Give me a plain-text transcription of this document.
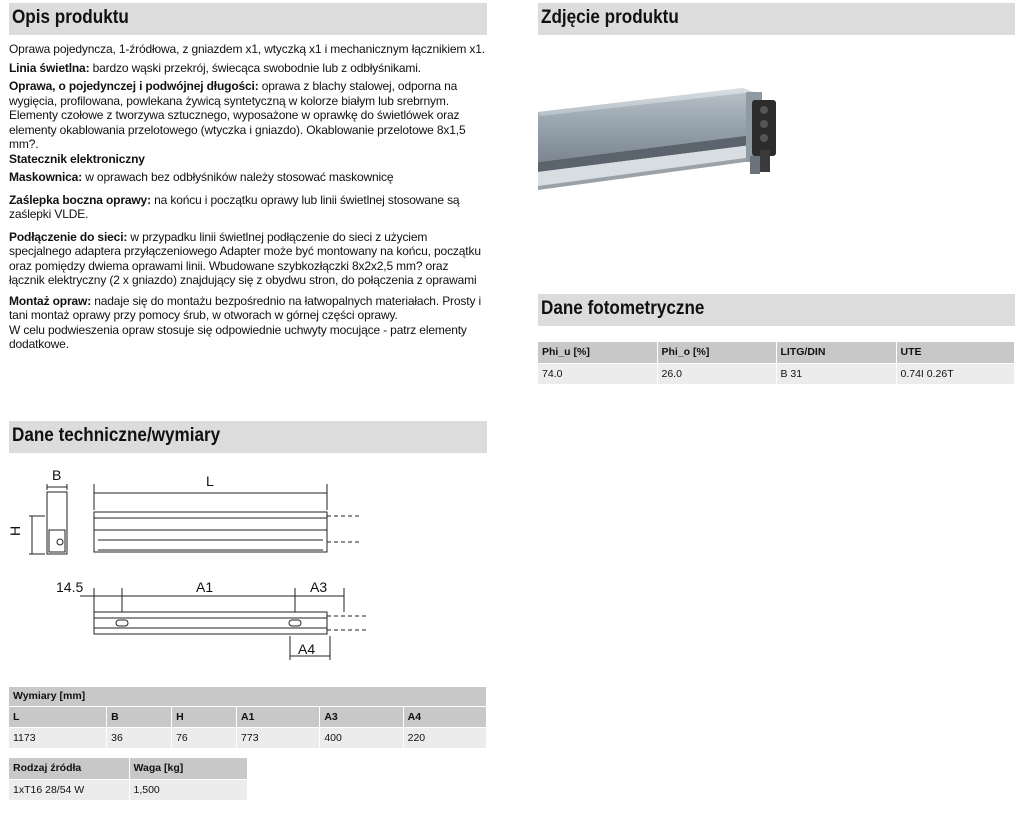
Opis produktu	Zdjęcie produktu
Dane techniczne/wymiary
Dane fotometryczne

Oprawa pojedyncza, 1-źródłowa, z gniazdem x1, wtyczką x1 i mechanicznym łącznikiem x1.

Linia świetlna: bardzo wąski przekrój, świecąca swobodnie lub z odbłyśnikami.

Oprawa, o pojedynczej i podwójnej długości: oprawa z blachy stalowej, odporna na wygięcia, profilowana, powlekana żywicą syntetyczną w kolorze białym lub srebrnym. Elementy czołowe z tworzywa sztucznego, wyposażone w oprawkę do świetlówek oraz elementy okablowania przelotowego (wtyczka i gniazdo). Okablowanie przelotowe 8x1,5 mm?.

Statecznik elektroniczny

Maskownica: w oprawach bez odbłyśników należy stosować maskownicę

Zaślepka boczna oprawy: na końcu i początku oprawy lub linii świetlnej stosowane są zaślepki VLDE.

Podłączenie do sieci: w przypadku linii świetlnej podłączenie do sieci z użyciem specjalnego adaptera przyłączeniowego Adapter może być montowany na końcu, początku oraz pomiędzy dwiema oprawami linii. Wbudowane szybkozłączki 8x2x2,5 mm? oraz łącznik elektryczny (2 x gniazdo) znajdujący się z obydwu stron, do połączenia z oprawami

Montaż opraw: nadaje się do montażu bezpośrednio na łatwopalnych materiałach. Prosty i tani montaż oprawy przy pomocy śrub, w otworach w górnej części oprawy.

W celu podwieszenia opraw stosuje się odpowiednie uchwyty mocujące - patrz elementy dodatkowe.

B
H
L
14.5	A1	A3
A4
Wymiary [mm]					
L	B	H	A1	A3	A4
1173	36	76	773	400	220
Rodzaj źródła	Waga [kg]
1xT16 28/54 W	1,500
Phi_u [%]	Phi_o [%]	LITG/DIN	UTE
74.0	26.0	B 31	0.74I 0.26T
